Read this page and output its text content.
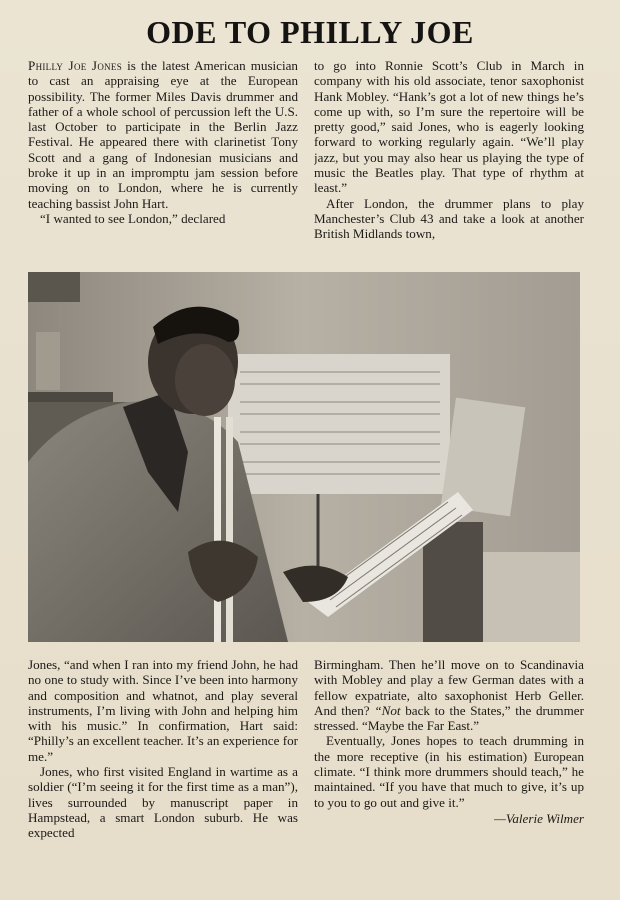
ODE TO PHILLY JOE

Philly Joe Jones is the latest American musician to cast an appraising eye at the European possibility. The former Miles Davis drummer and father of a whole school of percussion left the U.S. last October to participate in the Berlin Jazz Festival. He appeared there with clarinetist Tony Scott and a gang of Indonesian musicians and broke it up in an impromptu jam session before moving on to London, where he is currently teaching bassist John Hart.

“I wanted to see London,” declared

to go into Ronnie Scott’s Club in March in company with his old associate, tenor saxophonist Hank Mobley. “Hank’s got a lot of new things he’s come up with, so I’m sure the repertoire will be pretty good,” said Jones, who is eagerly looking forward to working regularly again. “We’ll play jazz, but you may also hear us playing the type of music the Beatles play. That type of rhythm at least.”

After London, the drummer plans to play Manchester’s Club 43 and take a look at another British Midlands town,

Jones, “and when I ran into my friend John, he had no one to study with. Since I’ve been into harmony and composition and whatnot, and play several instruments, I’m living with John and helping him with his music.” In confirmation, Hart said: “Philly’s an excellent teacher. It’s an experience for me.”

Jones, who first visited England in wartime as a soldier (“I’m seeing it for the first time as a man”), lives surrounded by manuscript paper in Hampstead, a smart London suburb. He was expected

Birmingham. Then he’ll move on to Scandinavia with Mobley and play a few German dates with a fellow expatriate, alto saxophonist Herb Geller. And then? “Not back to the States,” the drummer stressed. “Maybe the Far East.”

Eventually, Jones hopes to teach drumming in the more receptive (in his estimation) European climate. “I think more drummers should teach,” he maintained. “If you have that much to give, it’s up to you to go out and give it.”

—Valerie Wilmer
